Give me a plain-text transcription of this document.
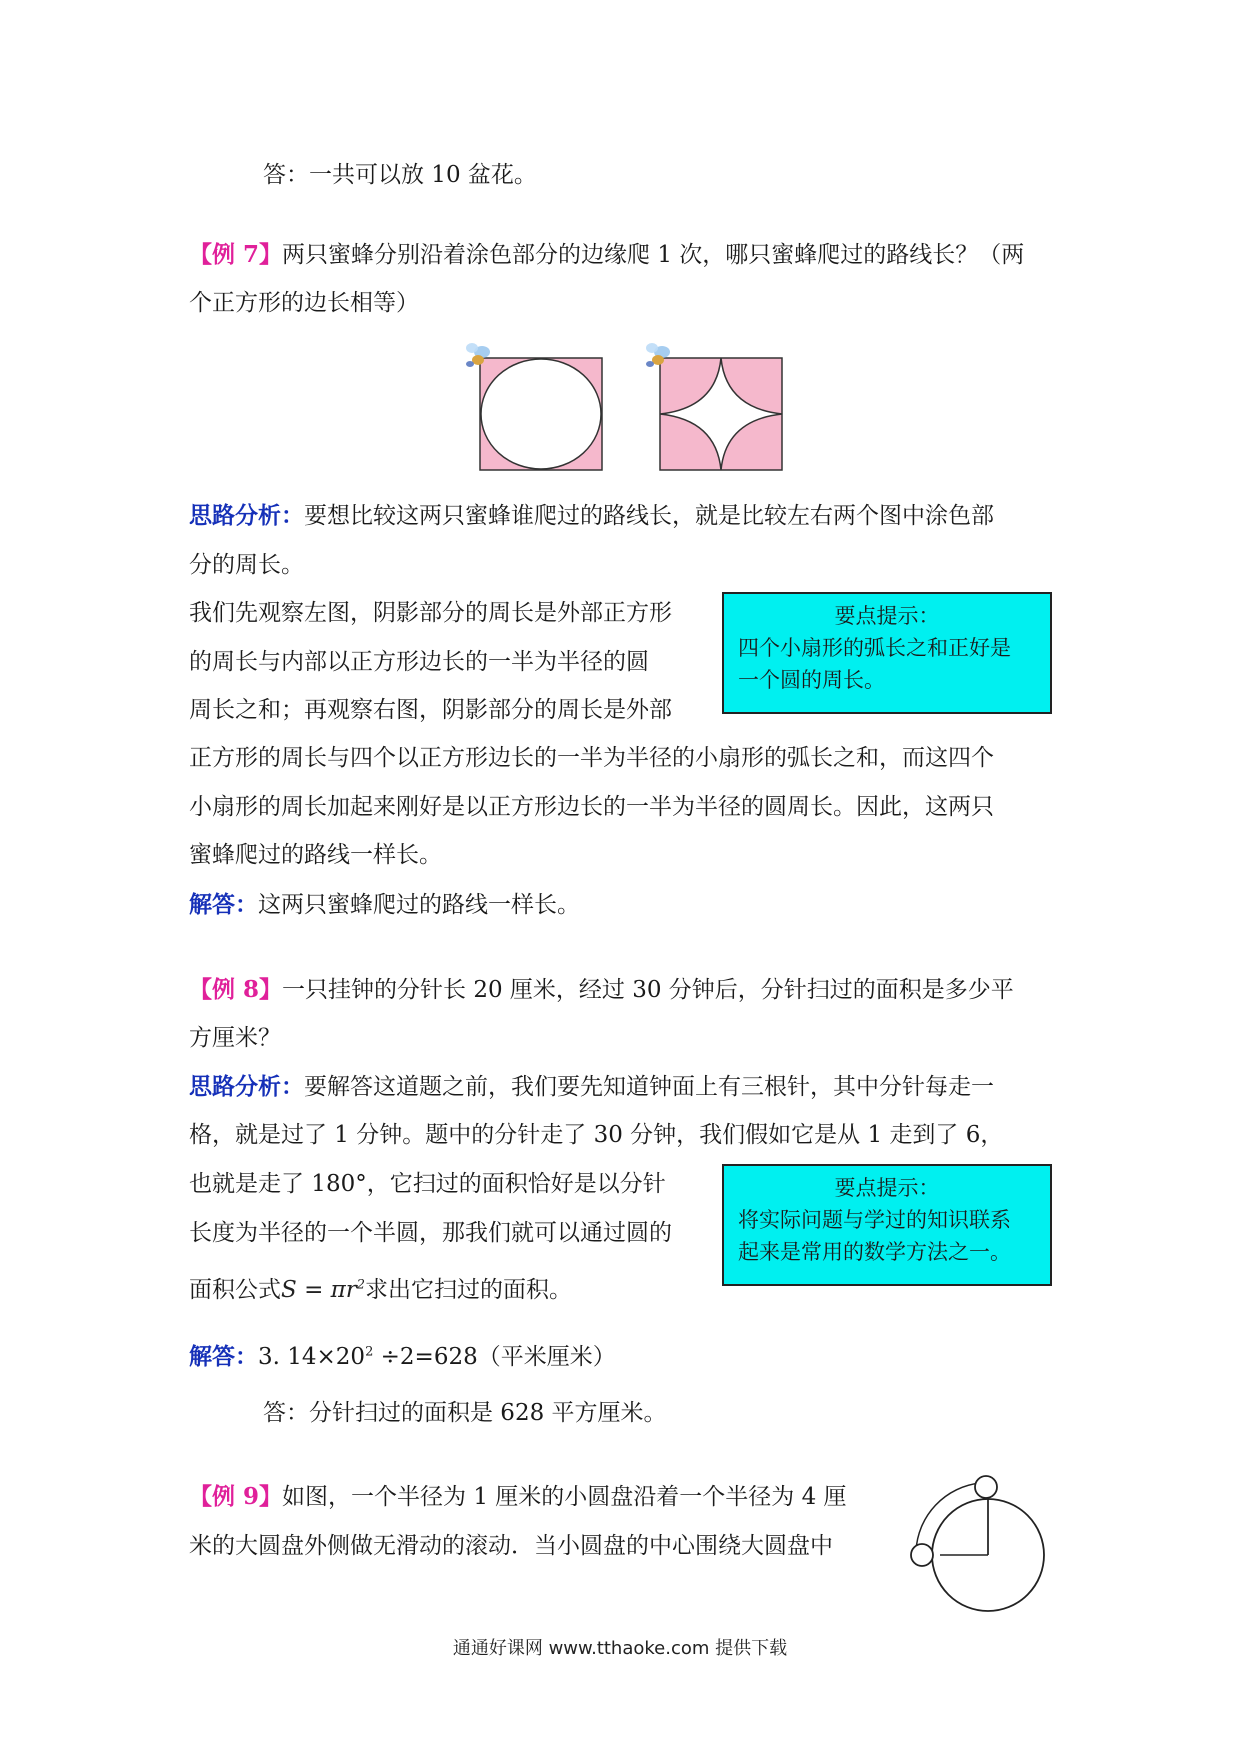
答：一共可以放 10 盆花。
【例 7】两只蜜蜂分别沿着涂色部分的边缘爬 1 次，哪只蜜蜂爬过的路线长？（两
个正方形的边长相等）
思路分析：要想比较这两只蜜蜂谁爬过的路线长，就是比较左右两个图中涂色部
分的周长。
我们先观察左图，阴影部分的周长是外部正方形
的周长与内部以正方形边长的一半为半径的圆
周长之和；再观察右图，阴影部分的周长是外部
正方形的周长与四个以正方形边长的一半为半径的小扇形的弧长之和，而这四个
小扇形的周长加起来刚好是以正方形边长的一半为半径的圆周长。因此，这两只
蜜蜂爬过的路线一样长。
要点提示：
四个小扇形的弧长之和正好是
一个圆的周长。
解答：这两只蜜蜂爬过的路线一样长。
【例 8】一只挂钟的分针长 20 厘米，经过 30 分钟后，分针扫过的面积是多少平
方厘米？
思路分析：要解答这道题之前，我们要先知道钟面上有三根针，其中分针每走一
格，就是过了 1 分钟。题中的分针走了 30 分钟，我们假如它是从 1 走到了 6，
也就是走了 180°，它扫过的面积恰好是以分针
长度为半径的一个半圆，那我们就可以通过圆的
面积公式$S = \pi r^2$求出它扫过的面积。
要点提示：
将实际问题与学过的知识联系
起来是常用的数学方法之一。
解答：3. $14\times 20^2 \div 2=628$（平米厘米）
答：分针扫过的面积是 628 平方厘米。
【例 9】如图，一个半径为 1 厘米的小圆盘沿着一个半径为 4 厘
米的大圆盘外侧做无滑动的滚动．当小圆盘的中心围绕大圆盘中
通通好课网 www.tthaoke.com 提供下载
